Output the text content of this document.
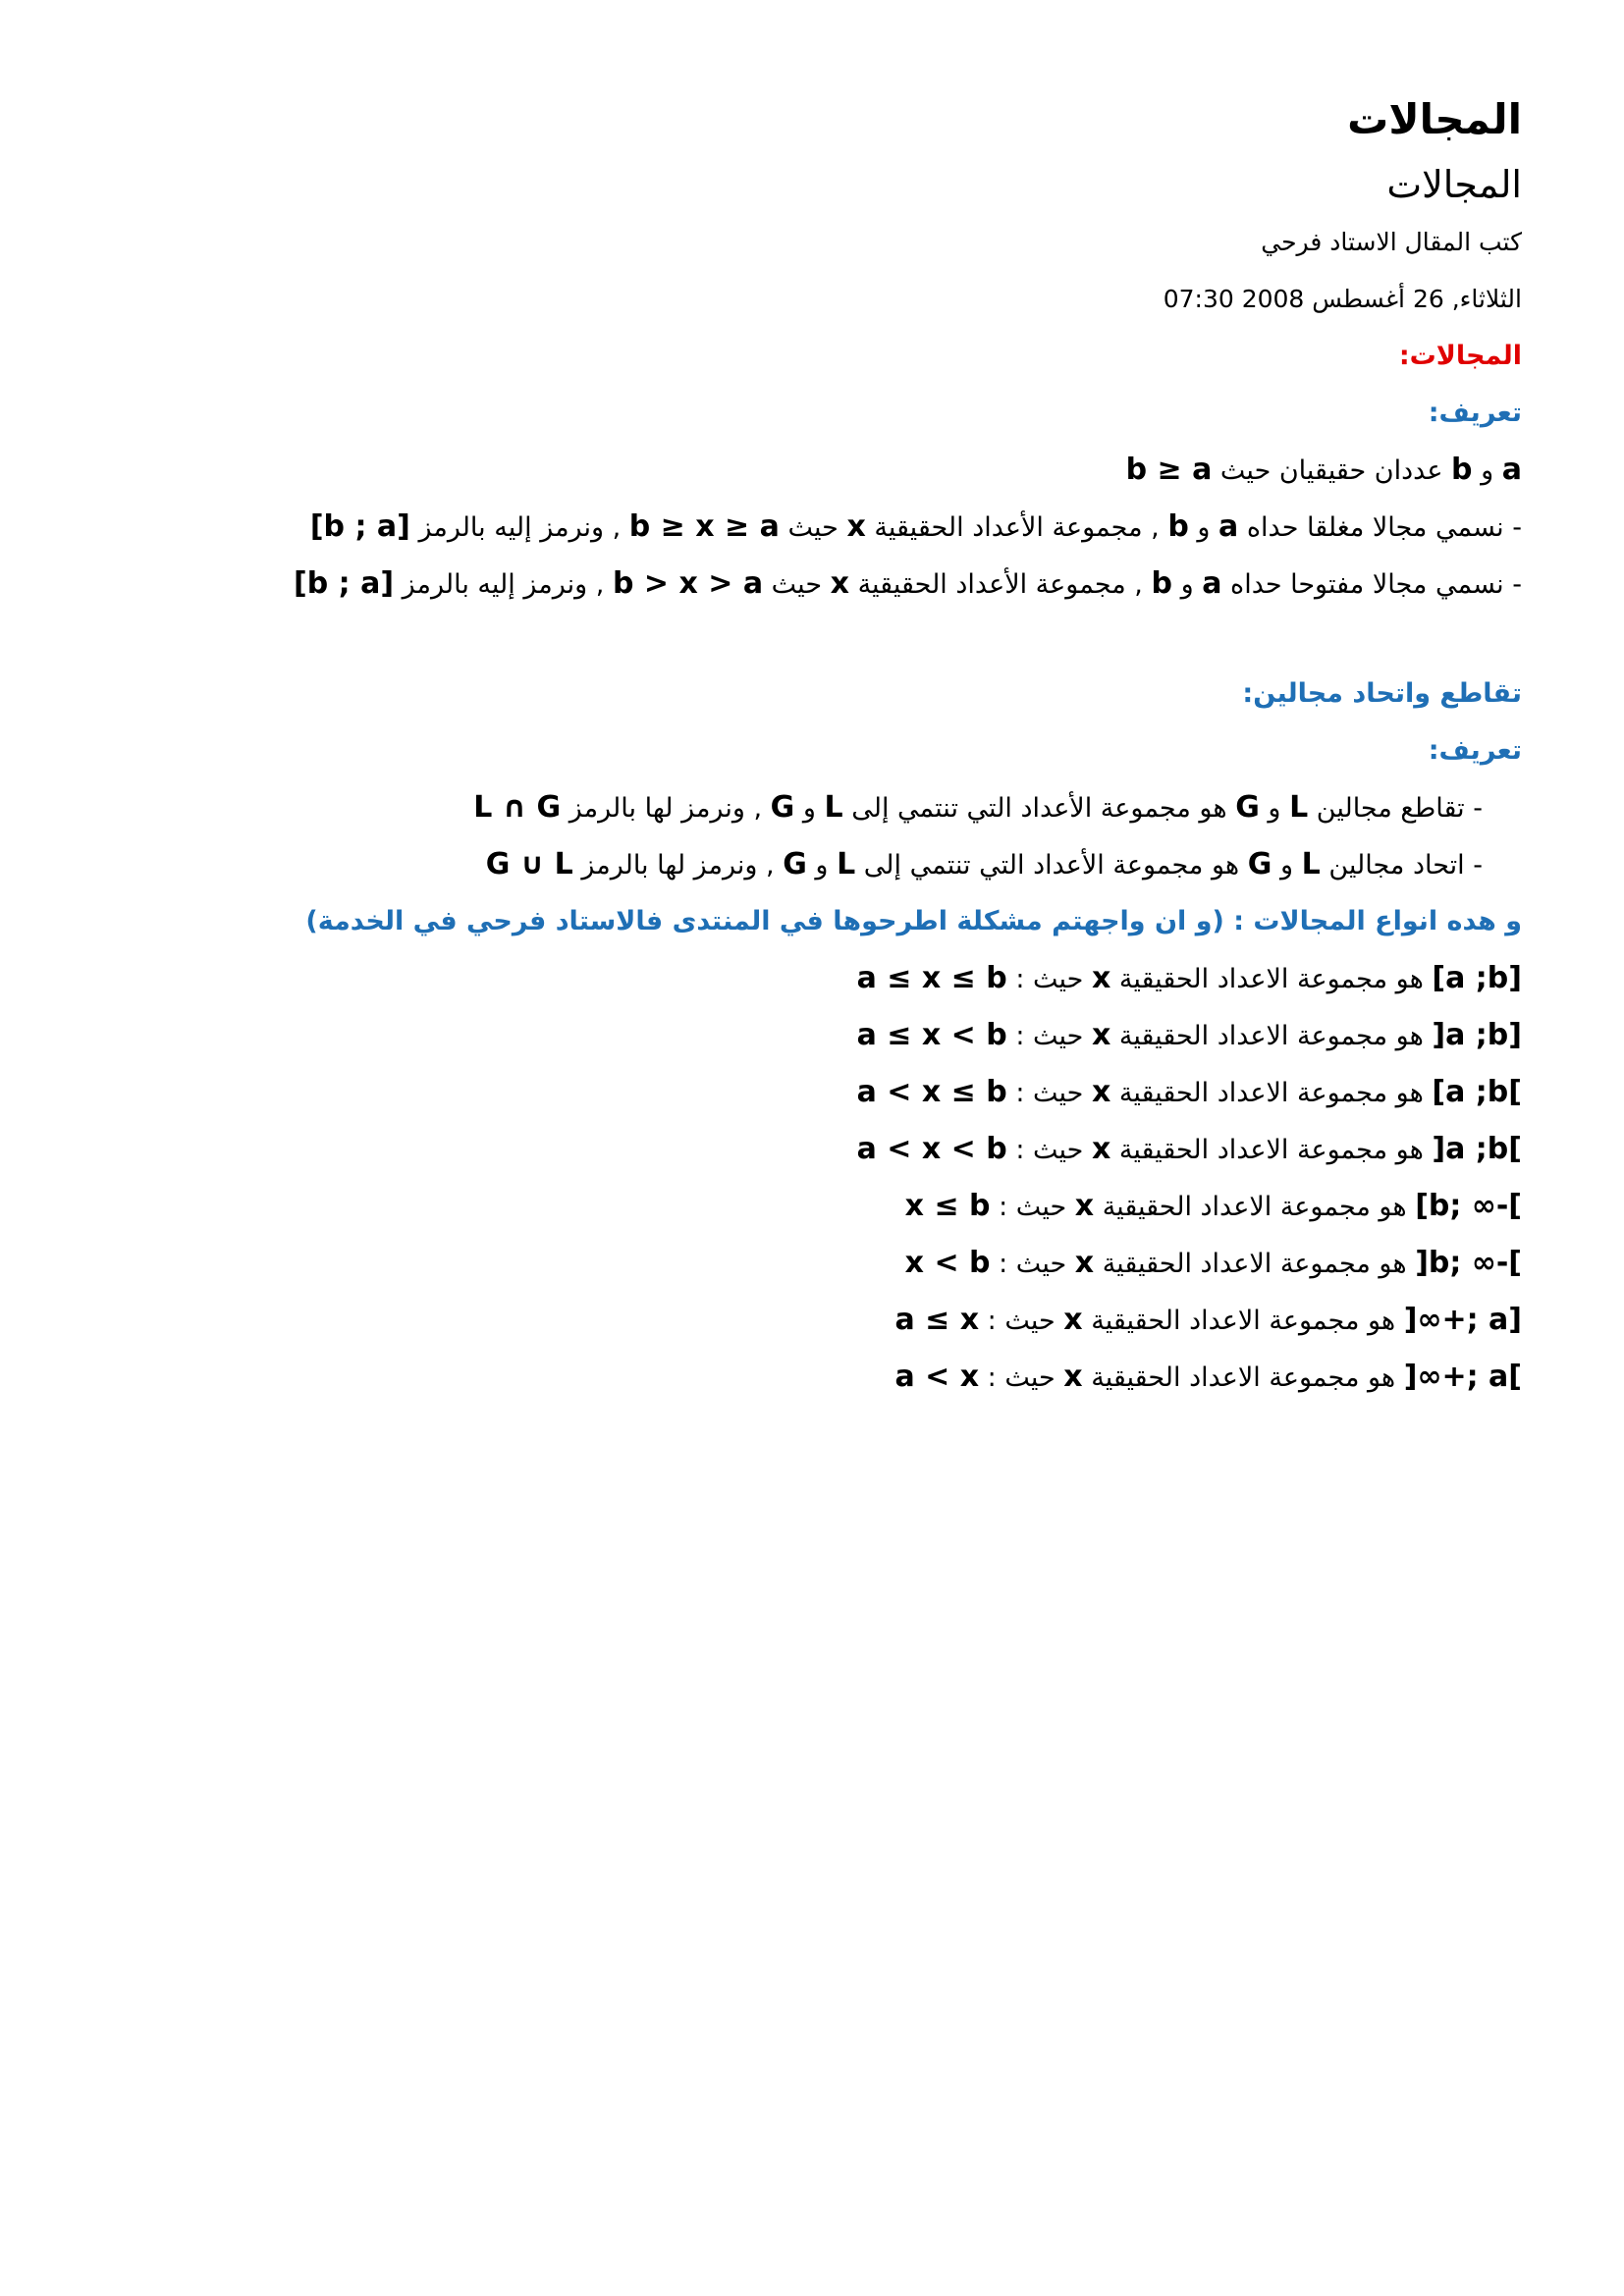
المجالات
المجالات
كتب المقال الاستاد فرحي
الثلاثاء, 26 أغسطس 2008 07:30
المجالات:
تعريف:
a و b عددان حقيقيان حيث b ≥ a
- نسمي مجالا مغلقا حداه a و b , مجموعة الأعداد الحقيقية x حيث b ≥ x ≥ a , ونرمز إليه بالرمز [b ; a]
- نسمي مجالا مفتوحا حداه a و b , مجموعة الأعداد الحقيقية x حيث b > x > a , ونرمز إليه بالرمز [b ; a]
تقاطع واتحاد مجالين:
تعريف:
- تقاطع مجالين L و G هو مجموعة الأعداد التي تنتمي إلى L و G , ونرمز لها بالرمز L ∩ G
- اتحاد مجالين L و G هو مجموعة الأعداد التي تنتمي إلى L و G , ونرمز لها بالرمز G ∪ L
و هده انواع المجالات : (و ان واجهتم مشكلة اطرحوها في المنتدى فالاستاد فرحي في الخدمة)
[a ;b] هو مجموعة الاعداد الحقيقية x حيث : a ≤ x ≤ b
]a ;b] هو مجموعة الاعداد الحقيقية x حيث : a ≤ x < b
[a ;b[ هو مجموعة الاعداد الحقيقية x حيث : a < x ≤ b
]a ;b[ هو مجموعة الاعداد الحقيقية x حيث : a < x < b
[b; ∞-[ هو مجموعة الاعداد الحقيقية x حيث : x ≤ b
]b; ∞-[ هو مجموعة الاعداد الحقيقية x حيث : x < b
]∞+; a] هو مجموعة الاعداد الحقيقية x حيث : a ≤ x
]∞+; a[ هو مجموعة الاعداد الحقيقية x حيث : a < x
